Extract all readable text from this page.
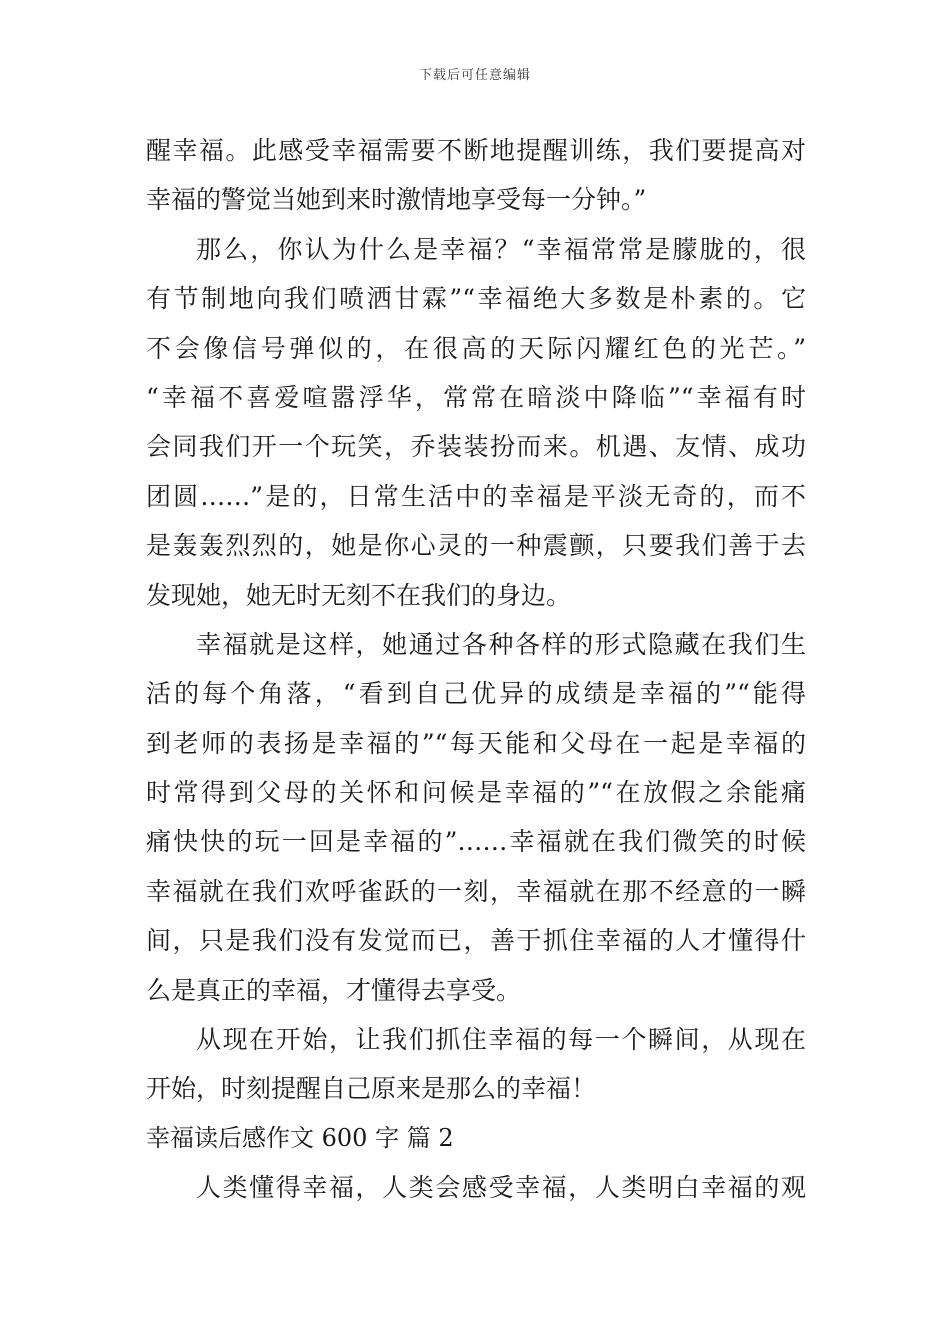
下载后可任意编辑
醒幸福。此感受幸福需要不断地提醒训练，我们要提高对
幸福的警觉当她到来时激情地享受每一分钟。”
那么，你认为什么是幸福？“幸福常常是朦胧的，很
有节制地向我们喷洒甘霖”“幸福绝大多数是朴素的。它
不会像信号弹似的，在很高的天际闪耀红色的光芒。”
“幸福不喜爱喧嚣浮华，常常在暗淡中降临”“幸福有时
会同我们开一个玩笑，乔装装扮而来。机遇、友情、成功
团圆……”是的，日常生活中的幸福是平淡无奇的，而不
是轰轰烈烈的，她是你心灵的一种震颤，只要我们善于去
发现她，她无时无刻不在我们的身边。
幸福就是这样，她通过各种各样的形式隐藏在我们生
活的每个角落，“看到自己优异的成绩是幸福的”“能得
到老师的表扬是幸福的”“每天能和父母在一起是幸福的
时常得到父母的关怀和问候是幸福的”“在放假之余能痛
痛快快的玩一回是幸福的”……幸福就在我们微笑的时候
幸福就在我们欢呼雀跃的一刻，幸福就在那不经意的一瞬
间，只是我们没有发觉而已，善于抓住幸福的人才懂得什
么是真正的幸福，才懂得去享受。
从现在开始，让我们抓住幸福的每一个瞬间，从现在
开始，时刻提醒自己原来是那么的幸福！
幸福读后感作文 600 字 篇 2
人类懂得幸福，人类会感受幸福，人类明白幸福的观
